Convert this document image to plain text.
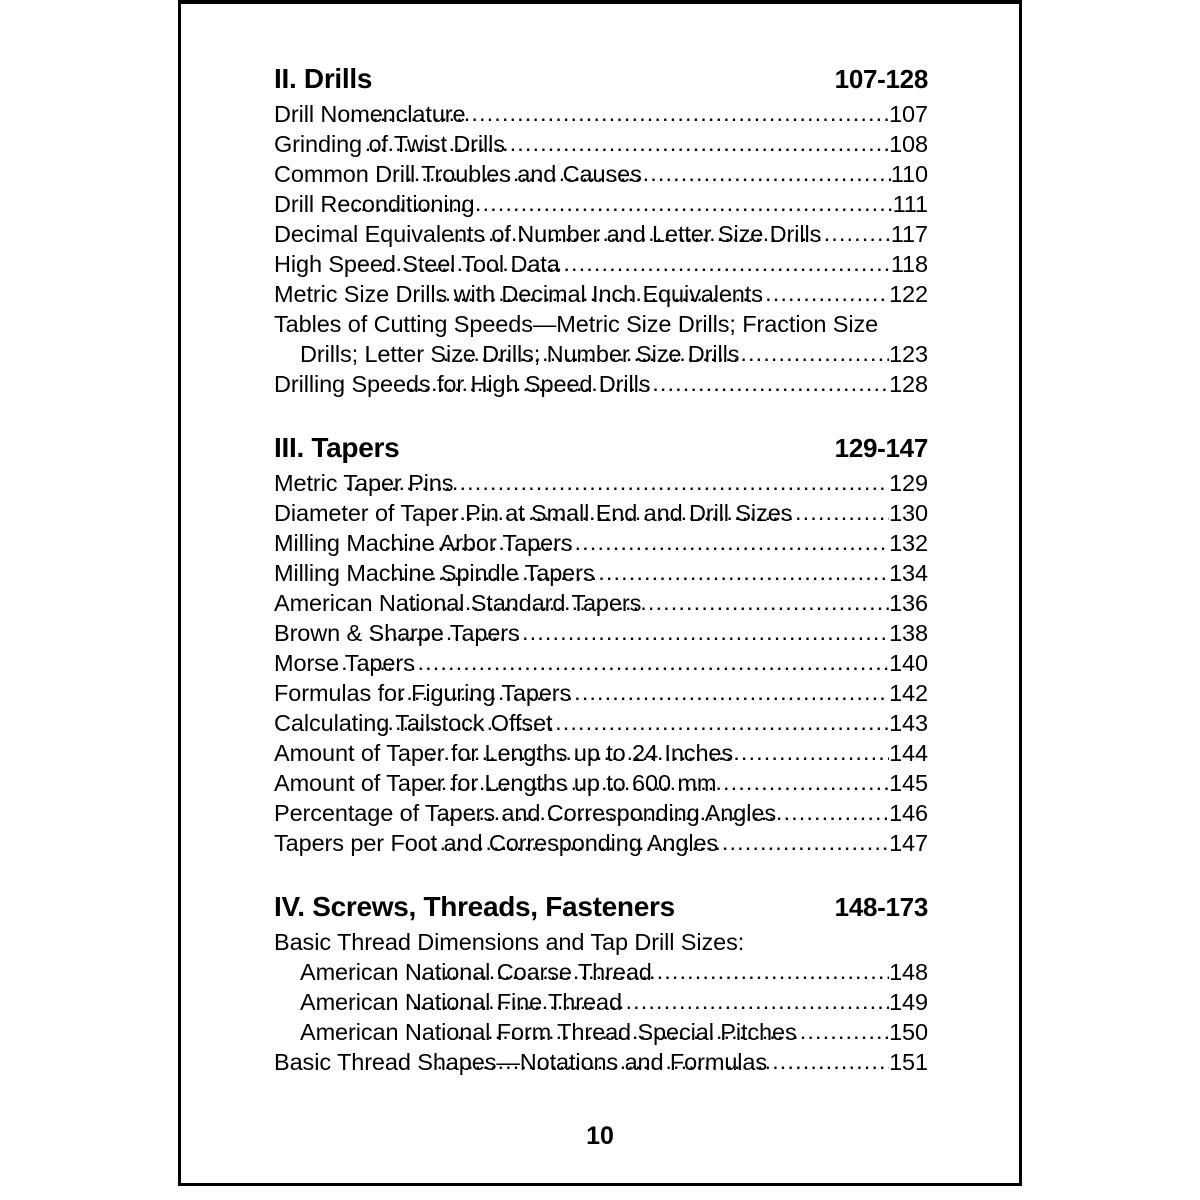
II. Drills	107-128
Drill Nomenclature .....	107
Grinding of Twist Drills .....	108
Common Drill Troubles and Causes .....	110
Drill Reconditioning .....	111
Decimal Equivalents of Number and Letter Size Drills .....	117
High Speed Steel Tool Data .....	118
Metric Size Drills with Decimal Inch Equivalents .....	122
Tables of Cutting Speeds—Metric Size Drills; Fraction Size
Drills; Letter Size Drills; Number Size Drills .....	123
Drilling Speeds for High Speed Drills .....	128
III. Tapers	129-147
Metric Taper Pins .....	129
Diameter of Taper Pin at Small End and Drill Sizes .....	130
Milling Machine Arbor Tapers .....	132
Milling Machine Spindle Tapers .....	134
American National Standard Tapers .....	136
Brown & Sharpe Tapers .....	138
Morse Tapers .....	140
Formulas for Figuring Tapers .....	142
Calculating Tailstock Offset .....	143
Amount of Taper for Lengths up to 24 Inches .....	144
Amount of Taper for Lengths up to 600 mm .....	145
Percentage of Tapers and Corresponding Angles .....	146
Tapers per Foot and Corresponding Angles .....	147
IV. Screws, Threads, Fasteners	148-173
Basic Thread Dimensions and Tap Drill Sizes:
American National Coarse Thread .....	148
American National Fine Thread .....	149
American National Form Thread Special Pitches .....	150
Basic Thread Shapes—Notations and Formulas .....	151
10
